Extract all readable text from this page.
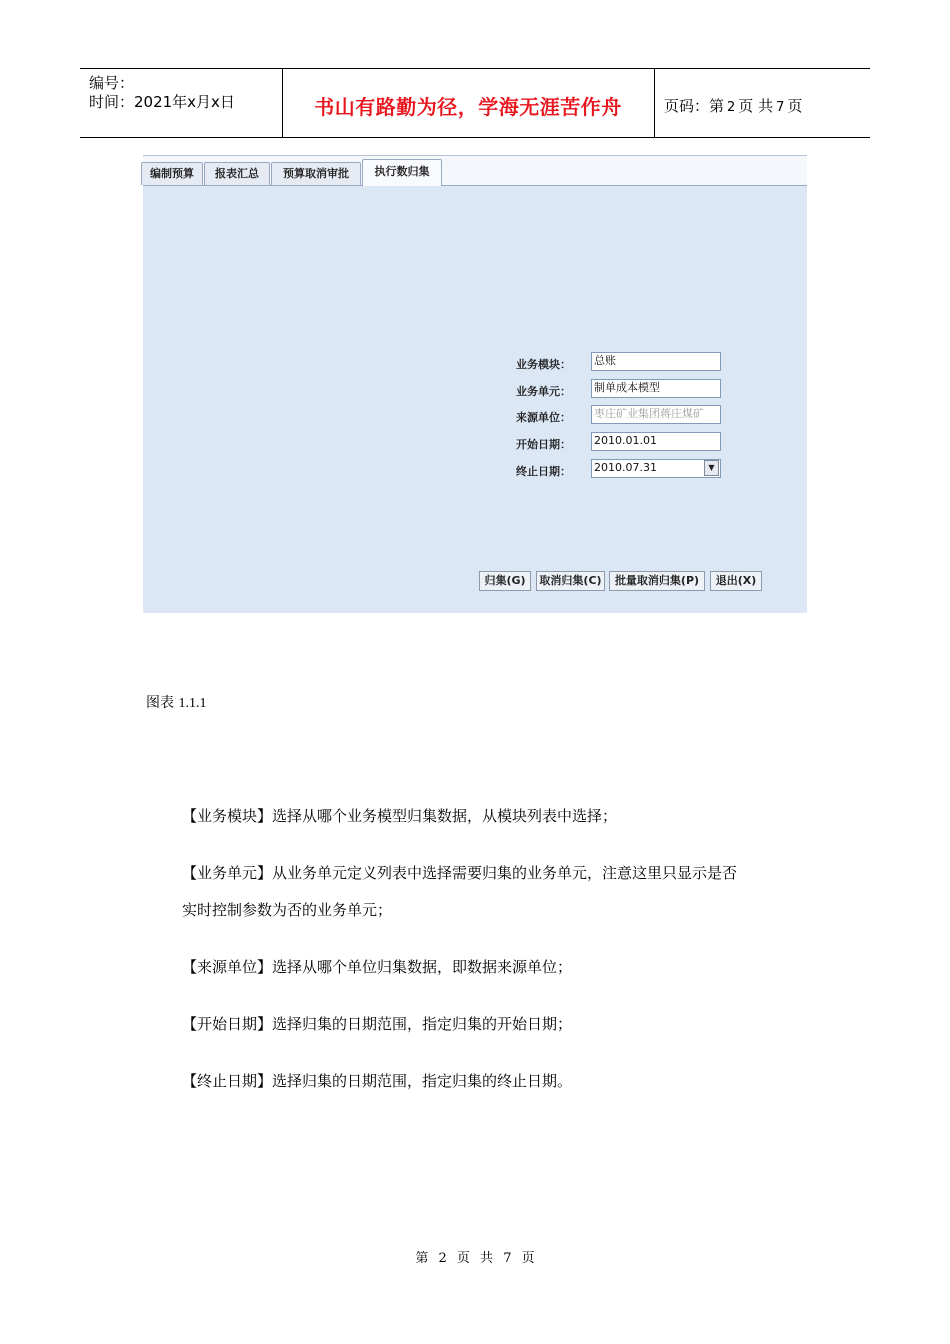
编号：
时间：2021年x月x日	书山有路勤为径，学海无涯苦作舟	页码：第 2 页 共 7 页
编制预算	报表汇总	预算取消审批	执行数归集
业务模块： 总账
业务单元： 制单成本模型
来源单位： 枣庄矿业集团蒋庄煤矿
开始日期： 2010.01.01
终止日期： 2010.07.31	▼
归集(G)	取消归集(C)	批量取消归集(P)	退出(X)
图表 1.1.1
【业务模块】选择从哪个业务模型归集数据，从模块列表中选择；
【业务单元】从业务单元定义列表中选择需要归集的业务单元，注意这里只显示是否
实时控制参数为否的业务单元；
【来源单位】选择从哪个单位归集数据，即数据来源单位；
【开始日期】选择归集的日期范围，指定归集的开始日期；
【终止日期】选择归集的日期范围，指定归集的终止日期。
第 2 页 共 7 页
